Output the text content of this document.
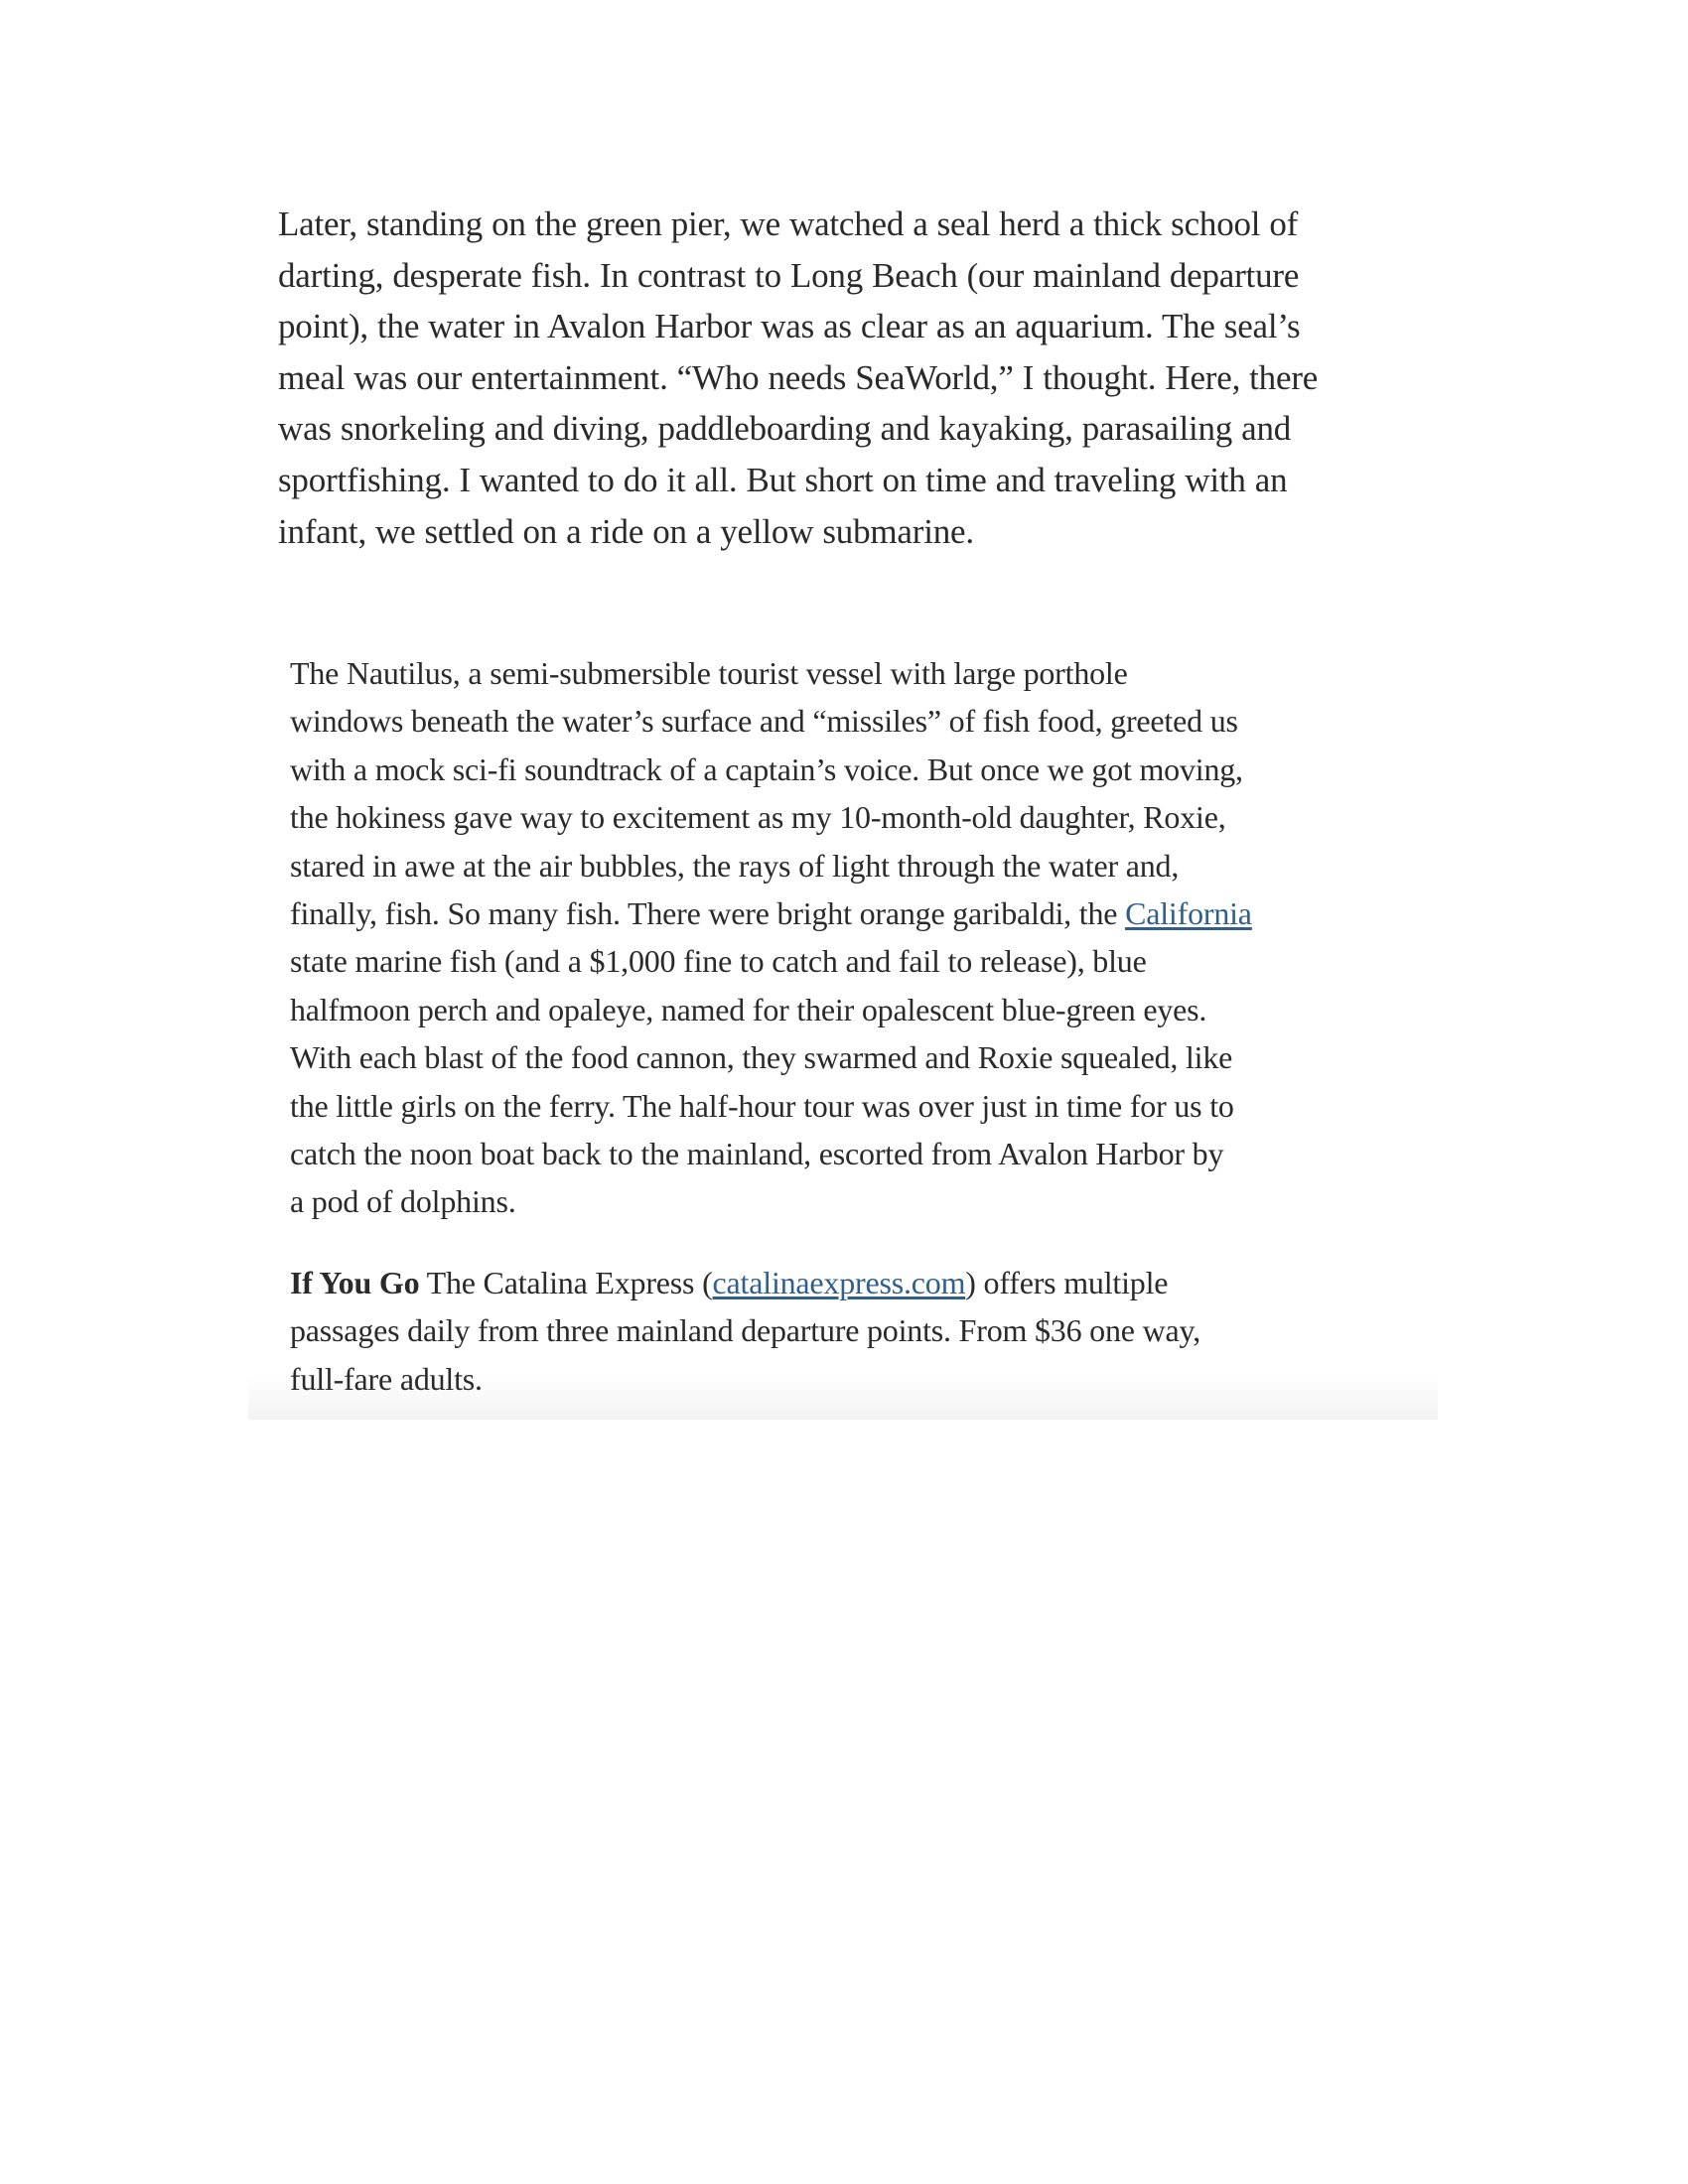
Later, standing on the green pier, we watched a seal herd a thick school of
darting, desperate fish. In contrast to Long Beach (our mainland departure
point), the water in Avalon Harbor was as clear as an aquarium. The seal’s
meal was our entertainment. “Who needs SeaWorld,” I thought. Here, there
was snorkeling and diving, paddleboarding and kayaking, parasailing and
sportfishing. I wanted to do it all. But short on time and traveling with an
infant, we settled on a ride on a yellow submarine.

The Nautilus, a semi-submersible tourist vessel with large porthole
windows beneath the water’s surface and “missiles” of fish food, greeted us
with a mock sci-fi soundtrack of a captain’s voice. But once we got moving,
the hokiness gave way to excitement as my 10-month-old daughter, Roxie,
stared in awe at the air bubbles, the rays of light through the water and,
finally, fish. So many fish. There were bright orange garibaldi, the California
state marine fish (and a $1,000 fine to catch and fail to release), blue
halfmoon perch and opaleye, named for their opalescent blue-green eyes.
With each blast of the food cannon, they swarmed and Roxie squealed, like
the little girls on the ferry. The half-hour tour was over just in time for us to
catch the noon boat back to the mainland, escorted from Avalon Harbor by
a pod of dolphins.

If You Go The Catalina Express (catalinaexpress.com) offers multiple
passages daily from three mainland departure points. From $36 one way,
full-fare adults.
